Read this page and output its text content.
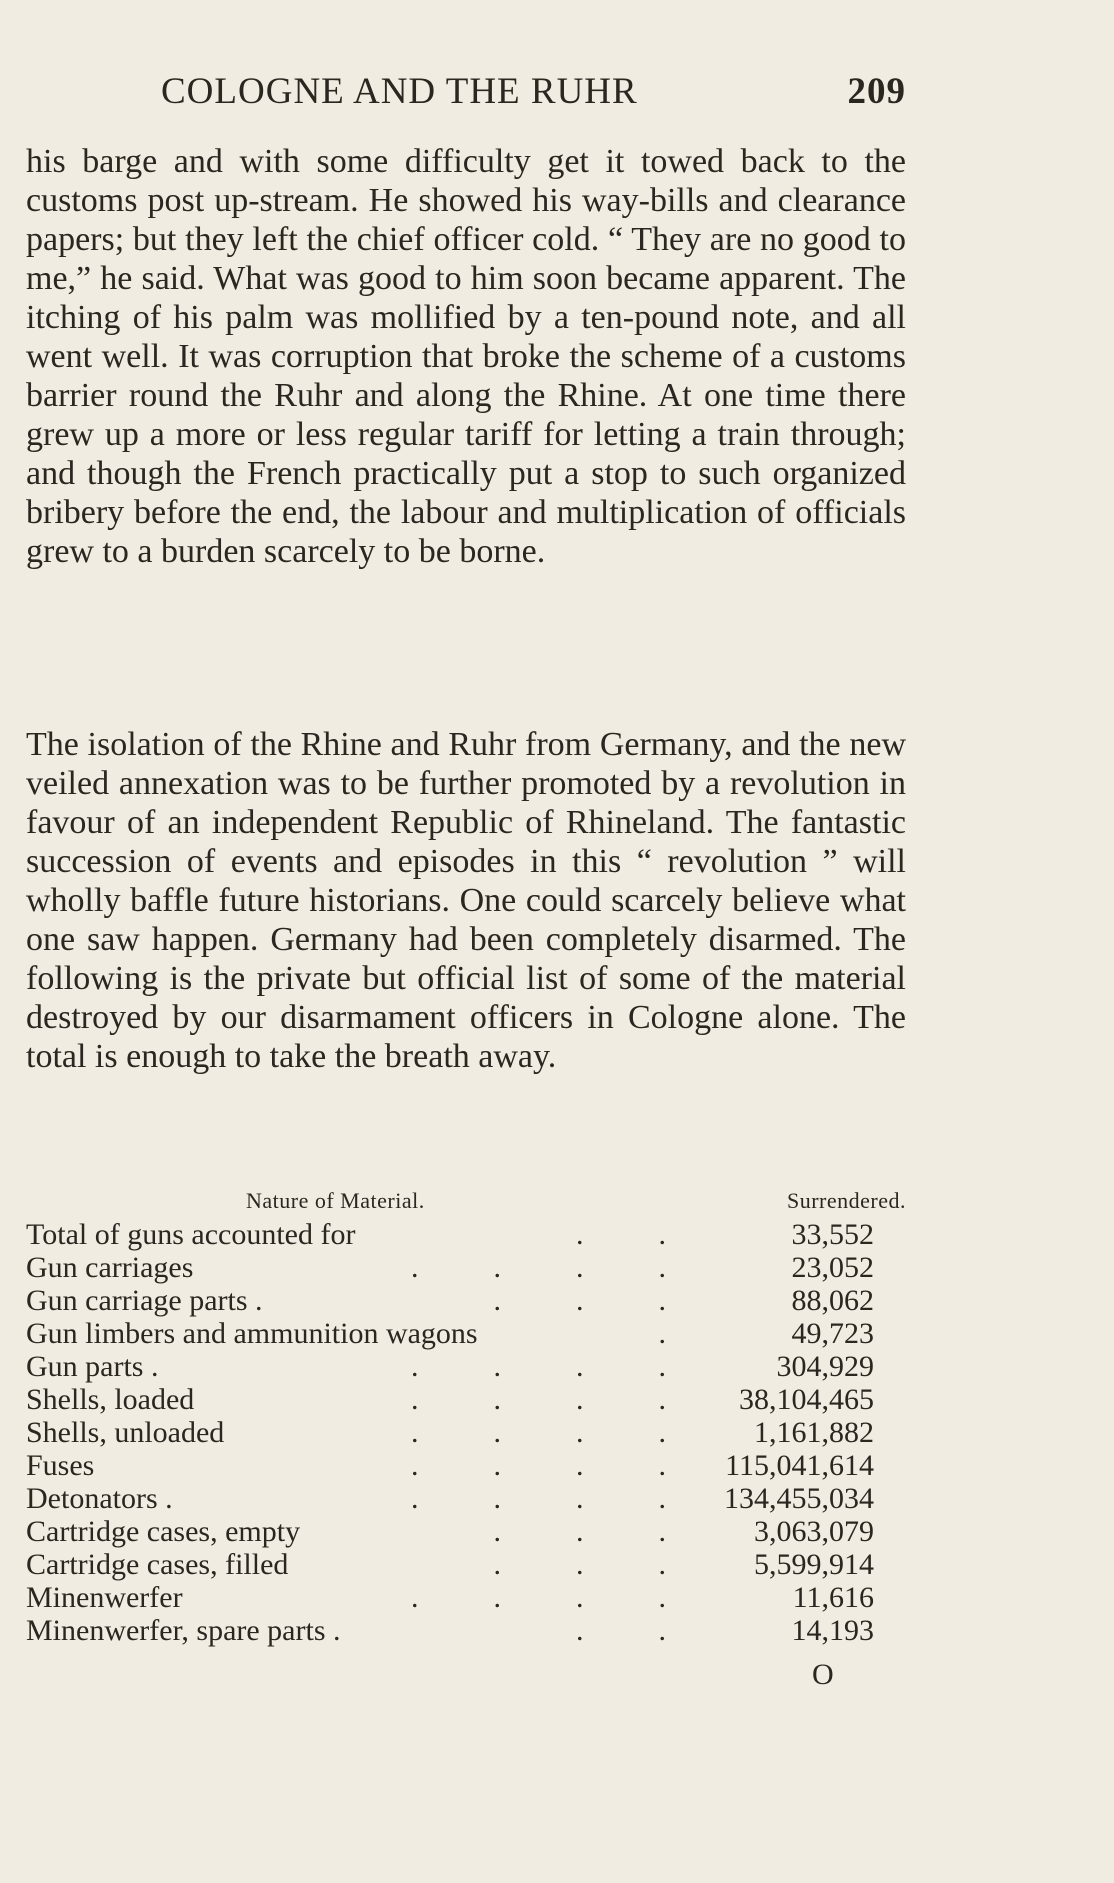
COLOGNE AND THE RUHR	209
his barge and with some difficulty get it towed back to the customs post up-stream. He showed his way-bills and clearance papers; but they left the chief officer cold. “ They are no good to me,” he said. What was good to him soon became apparent. The itching of his palm was mollified by a ten-pound note, and all went well. It was corruption that broke the scheme of a customs barrier round the Ruhr and along the Rhine. At one time there grew up a more or less regular tariff for letting a train through; and though the French practically put a stop to such organized bribery before the end, the labour and multiplication of officials grew to a burden scarcely to be borne.
The isolation of the Rhine and Ruhr from Germany, and the new veiled annexation was to be further promoted by a revolution in favour of an independent Republic of Rhineland. The fantastic succession of events and episodes in this “ revolution ” will wholly baffle future historians. One could scarcely believe what one saw happen. Germany had been completely disarmed. The following is the private but official list of some of the material destroyed by our disarmament officers in Cologne alone. The total is enough to take the breath away.
Nature of Material.	Surrendered.
Total of guns accounted for	.          .	33,552
Gun carriages	.          .          .          .	23,052
Gun carriage parts .	.          .          .	88,062
Gun limbers and ammunition wagons	.	49,723
Gun parts .	.          .          .          .	304,929
Shells, loaded	.          .          .          . 38,104,465
Shells, unloaded	.          .          .          .	1,161,882
Fuses	.          .          .          . 115,041,614
Detonators .	.          .          .          . 134,455,034
Cartridge cases, empty	.          .          .	3,063,079
Cartridge cases, filled	.          .          .	5,599,914
Minenwerfer	.          .          .          .	11,616
Minenwerfer, spare parts .	.          .	14,193
O
